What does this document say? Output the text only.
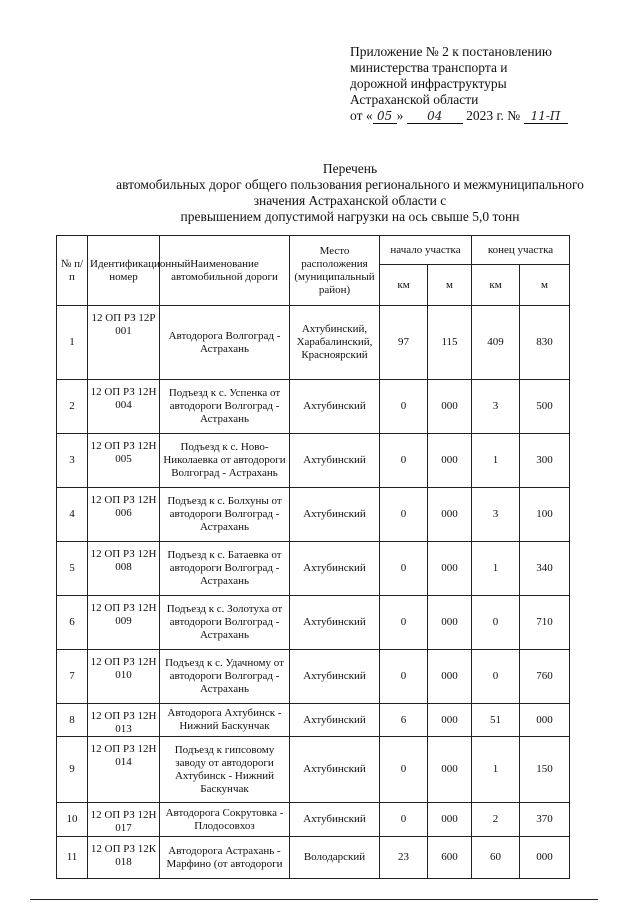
Приложение № 2 к постановлению
министерства транспорта и
дорожной инфраструктуры
Астраханской области
от « 05 » 04 2023 г. № 11-П
Перечень
автомобильных дорог общего пользования регионального и межмуниципального
значения Астраханской области с
превышением допустимой нагрузки на ось свыше 5,0 тонн
№ п/п	Идентификационный номер	Наименование автомобильной дороги	Место расположения (муниципальный район)	начало участка		конец участка	
				км	м	км	м
1	12 ОП РЗ 12Р 001	Автодорога Волгоград - Астрахань	Ахтубинский, Харабалинский, Красноярский	97	115	409	830
2	12 ОП РЗ 12Н 004	Подъезд к с. Успенка от автодороги Волгоград - Астрахань	Ахтубинский	0	000	3	500
3	12 ОП РЗ 12Н 005	Подъезд к с. Ново-Николаевка от автодороги Волгоград - Астрахань	Ахтубинский	0	000	1	300
4	12 ОП РЗ 12Н 006	Подъезд к с. Болхуны от автодороги Волгоград - Астрахань	Ахтубинский	0	000	3	100
5	12 ОП РЗ 12Н 008	Подъезд к с. Батаевка от автодороги Волгоград - Астрахань	Ахтубинский	0	000	1	340
6	12 ОП РЗ 12Н 009	Подъезд к с. Золотуха от автодороги Волгоград - Астрахань	Ахтубинский	0	000	0	710
7	12 ОП РЗ 12Н 010	Подъезд к с. Удачному от автодороги Волгоград - Астрахань	Ахтубинский	0	000	0	760
8	12 ОП РЗ 12Н 013	Автодорога Ахтубинск - Нижний Баскунчак	Ахтубинский	6	000	51	000
9	12 ОП РЗ 12Н 014	Подъезд к гипсовому заводу от автодороги Ахтубинск - Нижний Баскунчак	Ахтубинский	0	000	1	150
10	12 ОП РЗ 12Н 017	Автодорога Сокрутовка - Плодосовхоз	Ахтубинский	0	000	2	370
11	12 ОП РЗ 12К 018	Автодорога Астрахань - Марфино (от автодороги	Володарский	23	600	60	000
